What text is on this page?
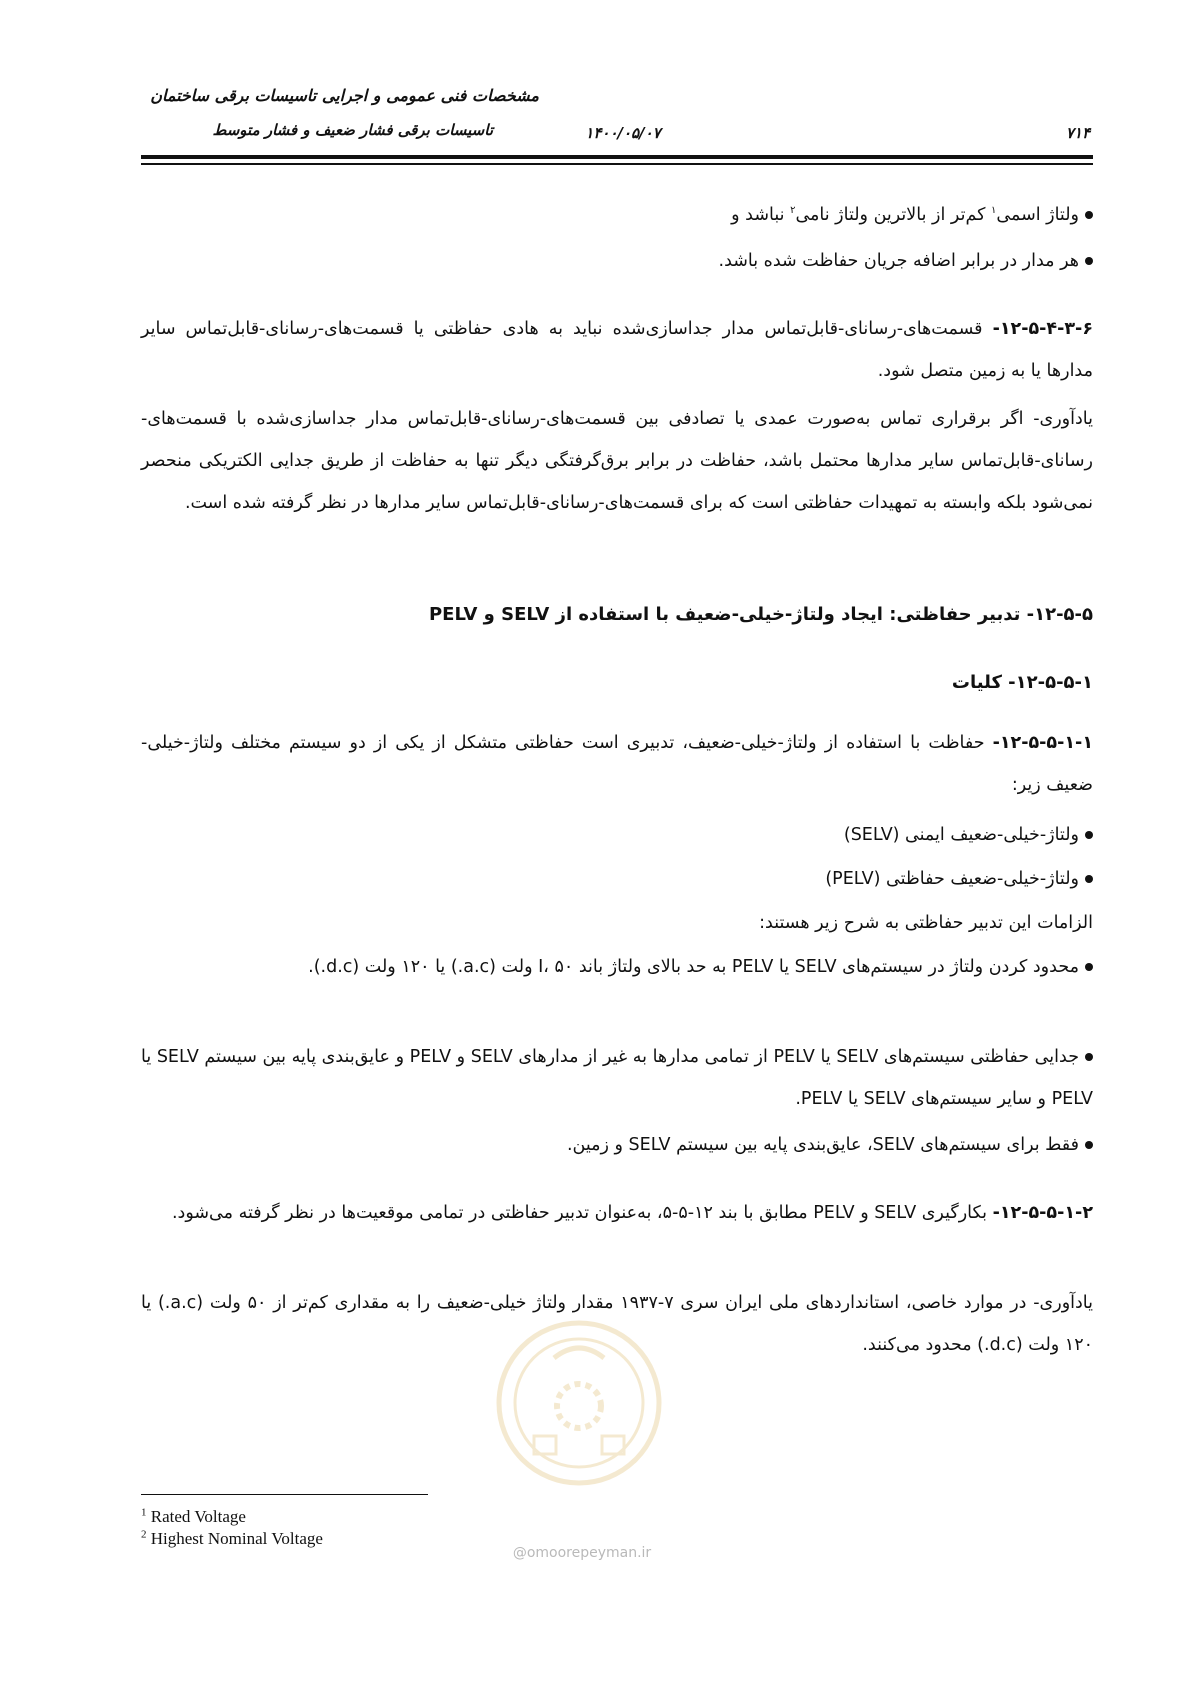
مشخصات فنی عمومی و اجرایی تاسیسات برقی ساختمان
تاسیسات برقی فشار ضعیف و فشار متوسط	۱۴۰۰/۰۵/۰۷	۷۱۴
ولتاژ اسمی$^۱$ کم‌تر از بالاترین ولتاژ نامی$^۲$ نباشد و
هر مدار در برابر اضافه جریان حفاظت شده باشد.
۱۲-۵-۴-۳-۶- قسمت‌های-رسانای-قابل‌تماس مدار جداسازی‌شده نباید به هادی حفاظتی یا قسمت‌های-رسانای-قابل‌تماس سایر مدارها یا به زمین متصل شود.
یادآوری- اگر برقراری تماس به‌صورت عمدی یا تصادفی بین قسمت‌های-رسانای-قابل‌تماس مدار جداسازی‌شده با قسمت‌های-رسانای-قابل‌تماس سایر مدارها محتمل باشد، حفاظت در برابر برق‌گرفتگی دیگر تنها به حفاظت از طریق جدایی الکتریکی منحصر نمی‌شود بلکه وابسته به تمهیدات حفاظتی است که برای قسمت‌های-رسانای-قابل‌تماس سایر مدارها در نظر گرفته شده است.
۱۲-۵-۵- تدبیر حفاظتی: ایجاد ولتاژ-خیلی-ضعیف با استفاده از SELV و PELV
۱۲-۵-۵-۱- کلیات
۱۲-۵-۵-۱-۱- حفاظت با استفاده از ولتاژ-خیلی-ضعیف، تدبیری است حفاظتی متشکل از یکی از دو سیستم مختلف ولتاژ-خیلی-ضعیف زیر:
ولتاژ-خیلی-ضعیف ایمنی (SELV)
ولتاژ-خیلی-ضعیف حفاظتی (PELV)
الزامات این تدبیر حفاظتی به شرح زیر هستند:
محدود کردن ولتاژ در سیستم‌های SELV یا PELV به حد بالای ولتاژ باند I، ۵۰ ولت (a.c.) یا ۱۲۰ ولت (d.c.).
جدایی حفاظتی سیستم‌های SELV یا PELV از تمامی مدارها به غیر از مدارهای SELV و PELV و عایق‌بندی پایه بین سیستم SELV یا PELV و سایر سیستم‌های SELV یا PELV.
فقط برای سیستم‌های SELV، عایق‌بندی پایه بین سیستم SELV و زمین.
۱۲-۵-۵-۱-۲- بکارگیری SELV و PELV مطابق با بند ۱۲-۵-۵، به‌عنوان تدبیر حفاظتی در تمامی موقعیت‌ها در نظر گرفته می‌شود.
یادآوری- در موارد خاصی، استانداردهای ملی ایران سری ۷-۱۹۳۷ مقدار ولتاژ خیلی-ضعیف را به مقداری کم‌تر از ۵۰ ولت (a.c.) یا ۱۲۰ ولت (d.c.) محدود می‌کنند.
@omoorepeyman.ir
$^1$ Rated Voltage
$^2$ Highest Nominal Voltage
